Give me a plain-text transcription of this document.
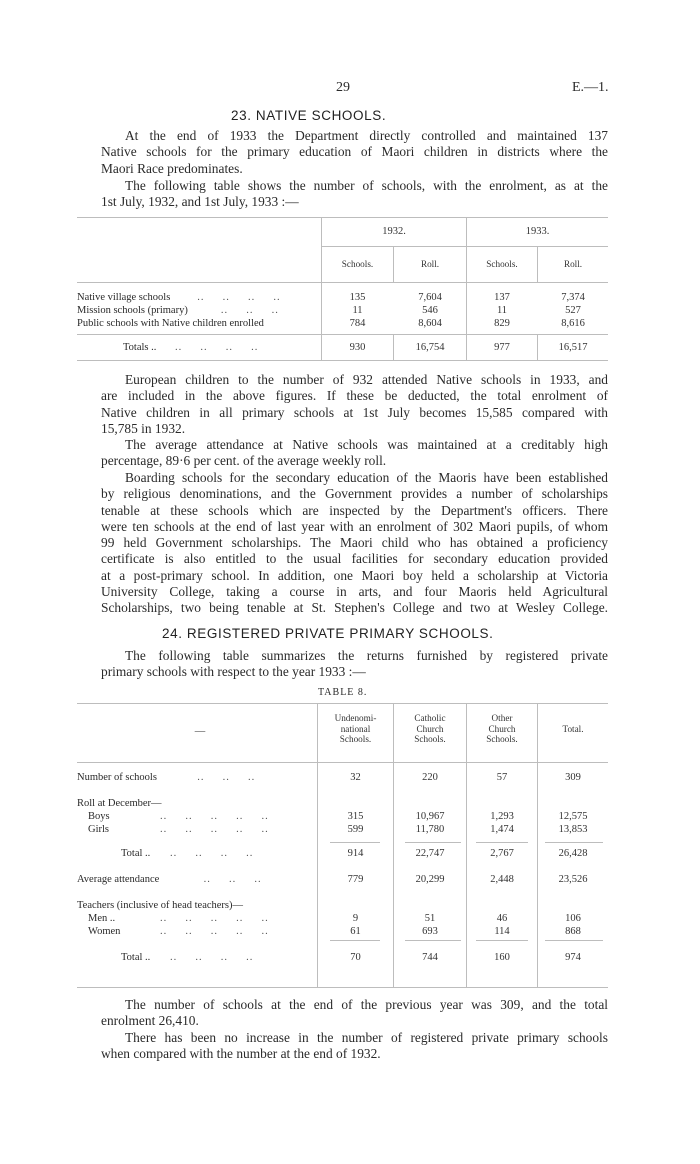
29	E.—1.
23. NATIVE SCHOOLS.
At the end of 1933 the Department directly controlled and maintained 137
Native schools for the primary education of Maori children in districts where the
Maori Race predominates.
The following table shows the number of schools, with the enrolment, as at the
1st July, 1932, and 1st July, 1933 :—
1932.	1933.
Schools.	Roll.	Schools.	Roll.
Native village schools ..     ..     ..     ..	135	7,604	137	7,374
Mission schools (primary) ..     ..     ..	11	546	11	527
Public schools with Native children enrolled	784	8,604	829	8,616
Totals .. ..     ..     ..     ..	930	16,754	977	16,517
European children to the number of 932 attended Native schools in 1933, and
are included in the above figures. If these be deducted, the total enrolment of
Native children in all primary schools at 1st July becomes 15,585 compared with
15,785 in 1932.
The average attendance at Native schools was maintained at a creditably high
percentage, 89·6 per cent. of the average weekly roll.
Boarding schools for the secondary education of the Maoris have been established
by religious denominations, and the Government provides a number of scholarships
tenable at these schools which are inspected by the Department's officers. There
were ten schools at the end of last year with an enrolment of 302 Maori pupils, of whom
99 held Government scholarships. The Maori child who has obtained a proficiency
certificate is also entitled to the usual facilities for secondary education provided
at a post-primary school. In addition, one Maori boy held a scholarship at Victoria
University College, taking a course in arts, and four Maoris held Agricultural
Scholarships, two being tenable at St. Stephen's College and two at Wesley College.
24. REGISTERED PRIVATE PRIMARY SCHOOLS.
The following table summarizes the returns furnished by registered private
primary schools with respect to the year 1933 :—
TABLE 8.
—
Undenomi-
national
Schools.
Catholic
Church
Schools.
Other
Church
Schools.
Total.
Number of schools	..     ..     ..	32	220	57	309
Roll at December—
Boys	..     ..     ..     ..     ..	315	10,967	1,293	12,575
Girls	..     ..     ..     ..     ..	599	11,780	1,474	13,853
Total .. ..     ..     ..     ..	914	22,747	2,767	26,428
Average attendance	..     ..     ..	779	20,299	2,448	23,526
Teachers (inclusive of head teachers)—
Men ..	..     ..     ..     ..     ..	9	51	46	106
Women	..     ..     ..     ..     ..	61	693	114	868
Total .. ..     ..     ..     ..	70	744	160	974
The number of schools at the end of the previous year was 309, and the total
enrolment 26,410.
There has been no increase in the number of registered private primary schools
when compared with the number at the end of 1932.
